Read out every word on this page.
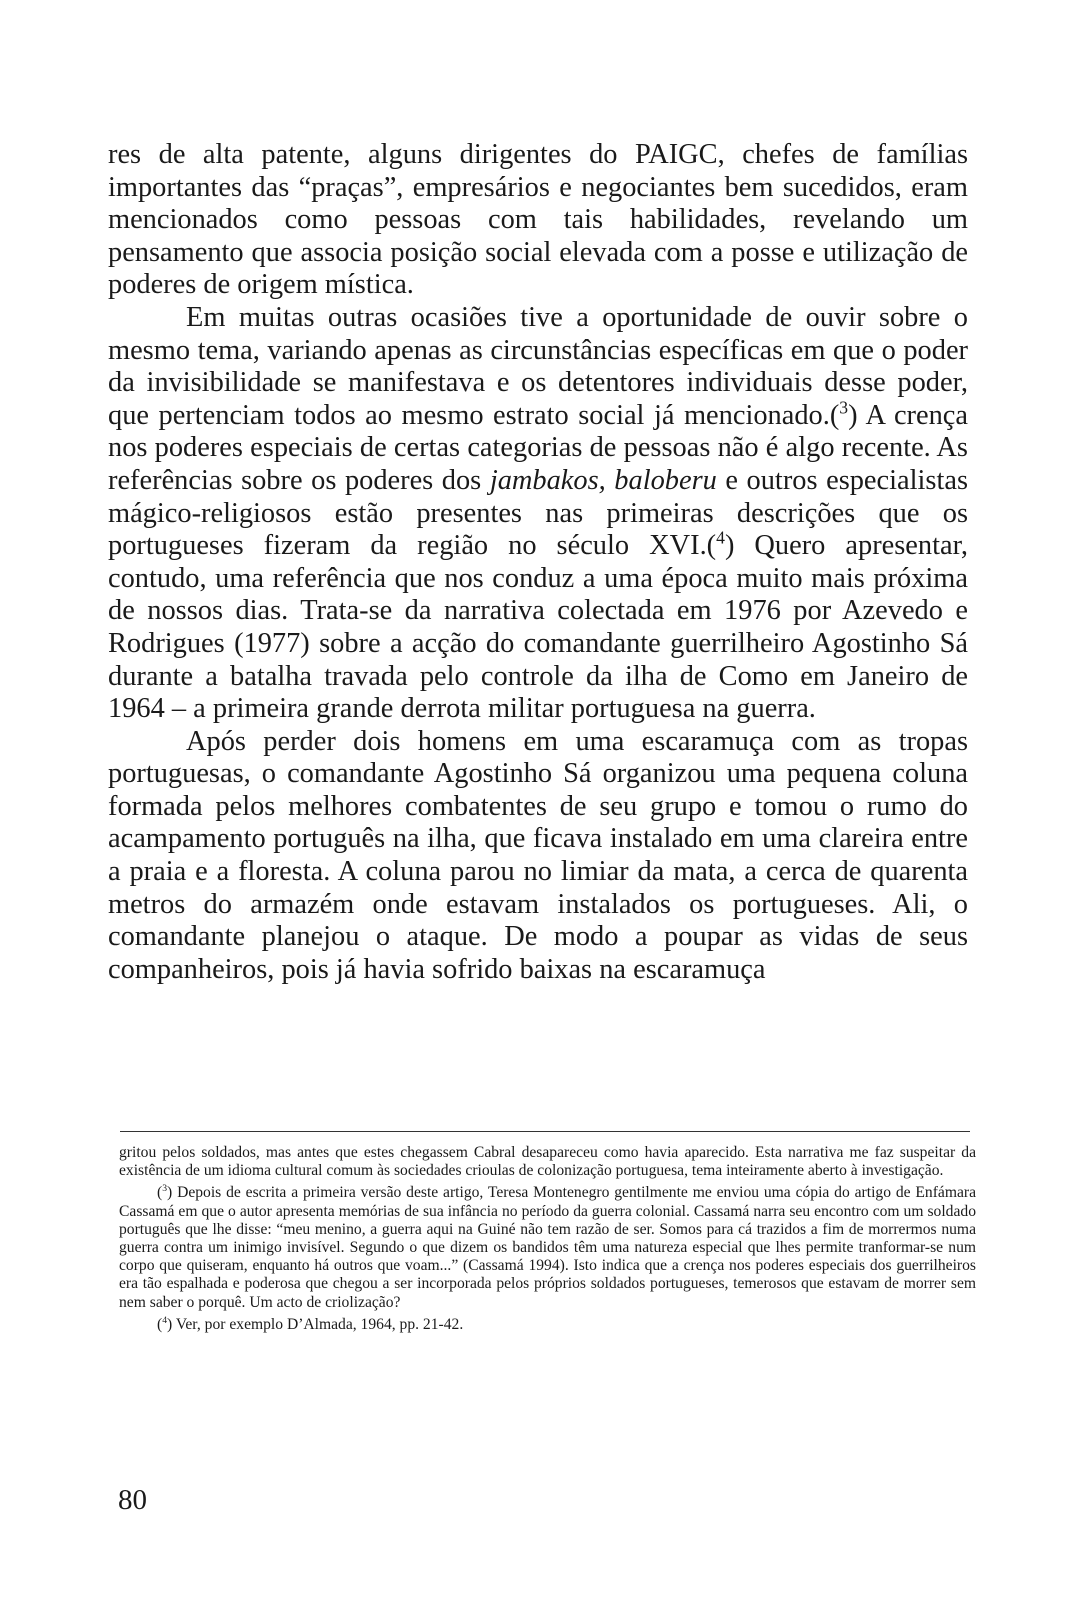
res de alta patente, alguns dirigentes do PAIGC, chefes de famílias importantes das “praças”, empresários e negociantes bem sucedidos, eram mencionados como pessoas com tais habilidades, revelando um pensamento que associa posição social elevada com a posse e utilização de poderes de origem mística.

Em muitas outras ocasiões tive a oportunidade de ouvir sobre o mesmo tema, variando apenas as circunstâncias específicas em que o poder da invisibilidade se manifestava e os detentores individuais desse poder, que pertenciam todos ao mesmo estrato social já mencionado.($^3$) A crença nos poderes especiais de certas categorias de pessoas não é algo recente. As referências sobre os poderes dos jambakos, baloberu e outros especialistas mágico-religiosos estão presentes nas primeiras descrições que os portugueses fizeram da região no século XVI.($^4$) Quero apresentar, contudo, uma referência que nos conduz a uma época muito mais próxima de nossos dias. Trata-se da narrativa colectada em 1976 por Azevedo e Rodrigues (1977) sobre a acção do comandante guerrilheiro Agostinho Sá durante a batalha travada pelo controle da ilha de Como em Janeiro de 1964 – a primeira grande derrota militar portuguesa na guerra.

Após perder dois homens em uma escaramuça com as tropas portuguesas, o comandante Agostinho Sá organizou uma pequena coluna formada pelos melhores combatentes de seu grupo e tomou o rumo do acampamento português na ilha, que ficava instalado em uma clareira entre a praia e a floresta. A coluna parou no limiar da mata, a cerca de quarenta metros do armazém onde estavam instalados os portugueses. Ali, o comandante planejou o ataque. De modo a poupar as vidas de seus companheiros, pois já havia sofrido baixas na escaramuça

gritou pelos soldados, mas antes que estes chegassem Cabral desapareceu como havia aparecido. Esta narrativa me faz suspeitar da existência de um idioma cultural comum às sociedades crioulas de colonização portuguesa, tema inteiramente aberto à investigação.

($^3$) Depois de escrita a primeira versão deste artigo, Teresa Montenegro gentilmente me enviou uma cópia do artigo de Enfámara Cassamá em que o autor apresenta memórias de sua infância no período da guerra colonial. Cassamá narra seu encontro com um soldado português que lhe disse: “meu menino, a guerra aqui na Guiné não tem razão de ser. Somos para cá trazidos a fim de morrermos numa guerra contra um inimigo invisível. Segundo o que dizem os bandidos têm uma natureza especial que lhes permite tranformar-se num corpo que quiseram, enquanto há outros que voam...” (Cassamá 1994). Isto indica que a crença nos poderes especiais dos guerrilheiros era tão espalhada e poderosa que chegou a ser incorporada pelos próprios soldados portugueses, temerosos que estavam de morrer sem nem saber o porquê. Um acto de criolização?

($^4$) Ver, por exemplo D’Almada, 1964, pp. 21-42.

80
